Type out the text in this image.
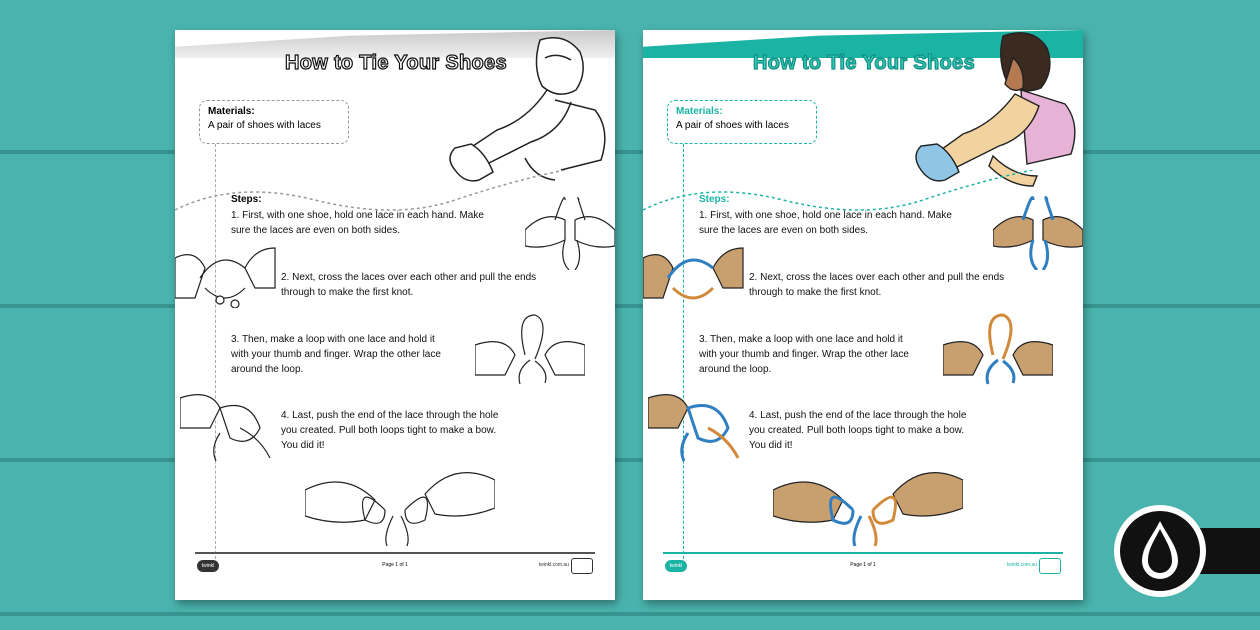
How to Tie Your Shoes
Materials:
A pair of shoes with laces
Steps:
1. First, with one shoe, hold one lace in each hand. Make sure the laces are even on both sides.
2. Next, cross the laces over each other and pull the ends through to make the first knot.
3. Then, make a loop with one lace and hold it with your thumb and finger. Wrap the other lace around the loop.
4. Last, push the end of the lace through the hole you created. Pull both loops tight to make a bow. You did it!
twinkl	Page 1 of 1	twinkl.com.au
How to Tie Your Shoes
Materials:
A pair of shoes with laces
Steps:
1. First, with one shoe, hold one lace in each hand. Make sure the laces are even on both sides.
2. Next, cross the laces over each other and pull the ends through to make the first knot.
3. Then, make a loop with one lace and hold it with your thumb and finger. Wrap the other lace around the loop.
4. Last, push the end of the lace through the hole you created. Pull both loops tight to make a bow. You did it!
twinkl	Page 1 of 1	twinkl.com.au
